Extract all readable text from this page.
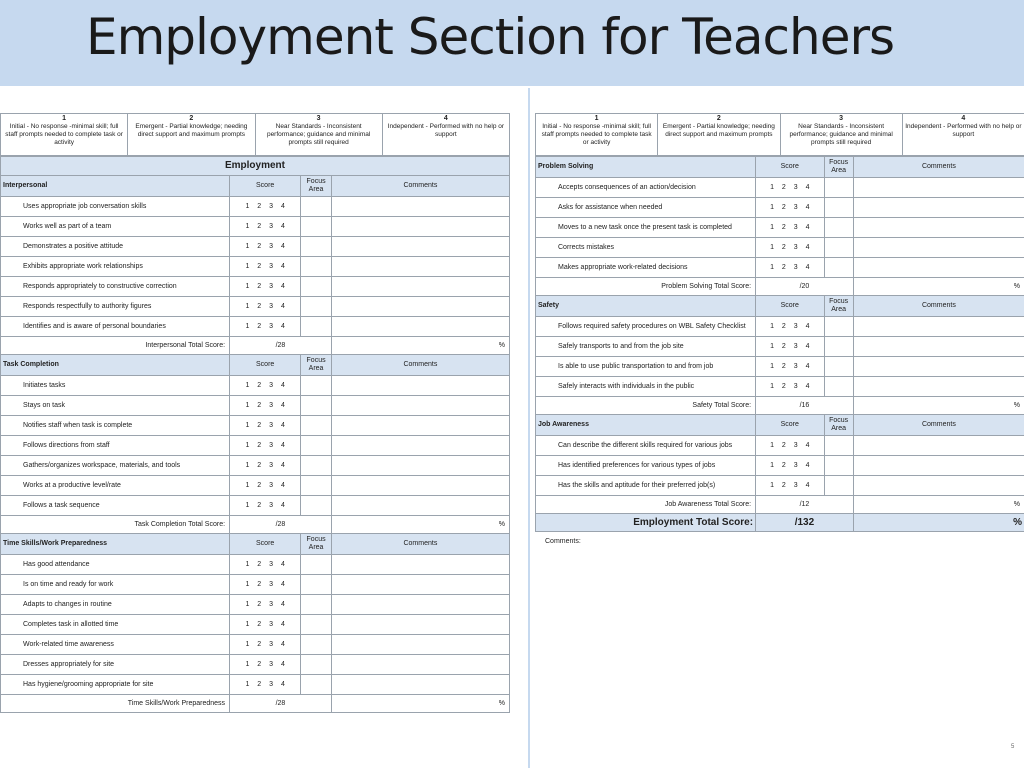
Employment Section for Teachers
1
Initial - No response -minimal skill; full staff prompts needed to complete task or activity	
2
Emergent - Partial knowledge; needing direct support and maximum prompts	
3
Near Standards - Inconsistent performance; guidance and minimal prompts still required	
4
Independent - Performed with no help or support
Employment			
Interpersonal	Score	Focus Area	Comments
Uses appropriate job conversation skills	1 2 3 4		
Works well as part of a team	1 2 3 4		
Demonstrates a positive attitude	1 2 3 4		
Exhibits appropriate work relationships	1 2 3 4		
Responds appropriately to constructive correction	1 2 3 4		
Responds respectfully to authority figures	1 2 3 4		
Identifies and is aware of personal boundaries	1 2 3 4		
Interpersonal Total Score:	/28		%
Task Completion	Score	Focus Area	Comments
Initiates tasks	1 2 3 4		
Stays on task	1 2 3 4		
Notifies staff when task is complete	1 2 3 4		
Follows directions from staff	1 2 3 4		
Gathers/organizes workspace, materials, and tools	1 2 3 4		
Works at a productive level/rate	1 2 3 4		
Follows a task sequence	1 2 3 4		
Task Completion Total Score:	/28		%
Time Skills/Work Preparedness	Score	Focus Area	Comments
Has good attendance	1 2 3 4		
Is on time and ready for work	1 2 3 4		
Adapts to changes in routine	1 2 3 4		
Completes task in allotted time	1 2 3 4		
Work-related time awareness	1 2 3 4		
Dresses appropriately for site	1 2 3 4		
Has hygiene/grooming appropriate for site	1 2 3 4		
Time Skills/Work Preparedness	/28		%
1
Initial - No response -minimal skill; full staff prompts needed to complete task or activity	
2
Emergent - Partial knowledge; needing direct support and maximum prompts	
3
Near Standards - Inconsistent performance; guidance and minimal prompts still required	
4
Independent - Performed with no help or support
Problem Solving	Score	Focus Area	Comments
Accepts consequences of an action/decision	1 2 3 4		
Asks for assistance when needed	1 2 3 4		
Moves to a new task once the present task is completed	1 2 3 4		
Corrects mistakes	1 2 3 4		
Makes appropriate work-related decisions	1 2 3 4		
Problem Solving Total Score:	/20		%
Safety	Score	Focus Area	Comments
Follows required safety procedures on WBL Safety Checklist	1 2 3 4		
Safely transports to and from the job site	1 2 3 4		
Is able to use public transportation to and from job	1 2 3 4		
Safely interacts with individuals in the public	1 2 3 4		
Safety Total Score:	/16		%
Job Awareness	Score	Focus Area	Comments
Can describe the different skills required for various jobs	1 2 3 4		
Has identified preferences for various types of jobs	1 2 3 4		
Has the skills and aptitude for their preferred job(s)	1 2 3 4		
Job Awareness Total Score:	/12		%
Employment Total Score:	/132		%
Comments:
5
